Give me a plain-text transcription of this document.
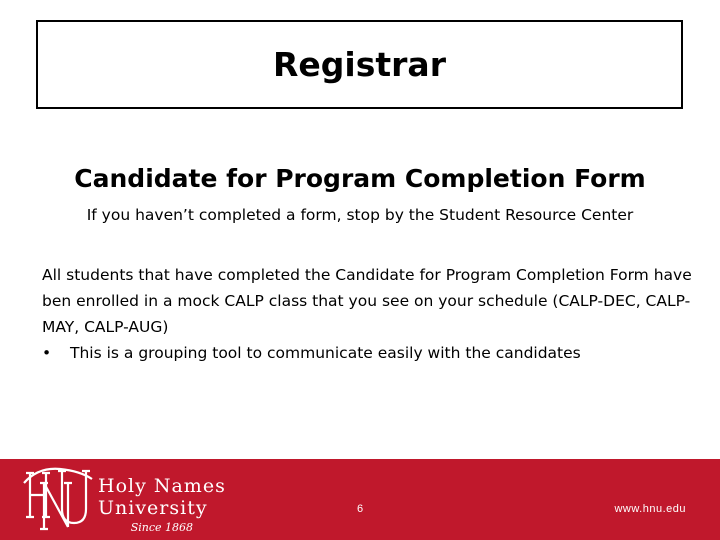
Registrar

Candidate for Program Completion Form

If you haven’t completed a form, stop by the Student Resource Center

All students that have completed the Candidate for Program Completion Form have ben enrolled in a mock CALP class that you see on your schedule (CALP-DEC, CALP-MAY, CALP-AUG)

•	This is a grouping tool to communicate easily with the candidates
Holy Names
University
Since 1868
6	www.hnu.edu
